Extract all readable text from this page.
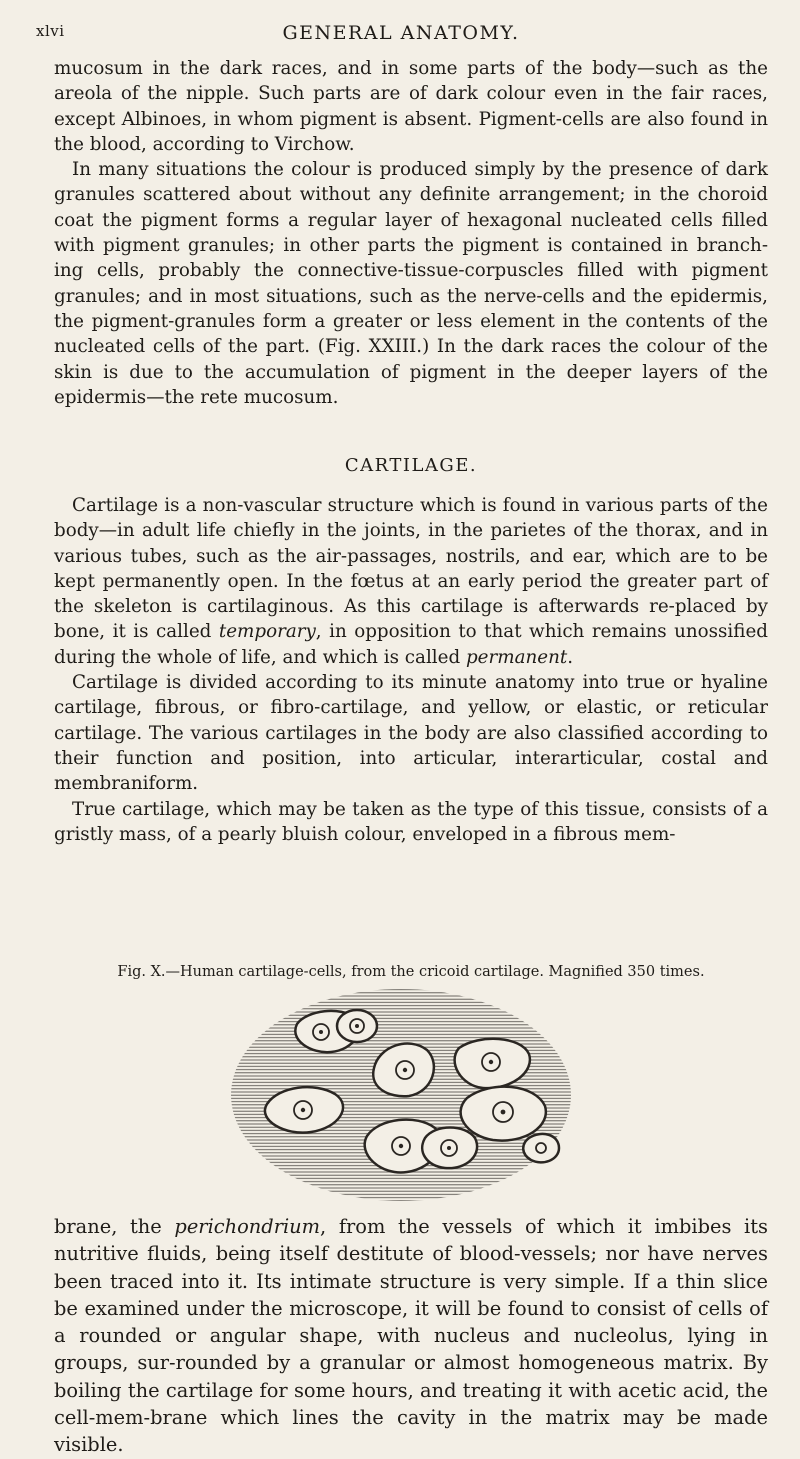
xlvi	GENERAL ANATOMY.

mucosum in the dark races, and in some parts of the body—such as the areola of the nipple. Such parts are of dark colour even in the fair races, except Albinoes, in whom pigment is absent. Pigment-cells are also found in the blood, according to Virchow.

In many situations the colour is produced simply by the presence of dark granules scattered about without any definite arrangement; in the choroid coat the pigment forms a regular layer of hexagonal nucleated cells filled with pigment granules; in other parts the pigment is contained in branch-ing cells, probably the connective-tissue-corpuscles filled with pigment granules; and in most situations, such as the nerve-cells and the epidermis, the pigment-granules form a greater or less element in the contents of the nucleated cells of the part. (Fig. XXIII.) In the dark races the colour of the skin is due to the accumulation of pigment in the deeper layers of the epidermis—the rete mucosum.

CARTILAGE.

Cartilage is a non-vascular structure which is found in various parts of the body—in adult life chiefly in the joints, in the parietes of the thorax, and in various tubes, such as the air-passages, nostrils, and ear, which are to be kept permanently open. In the fœtus at an early period the greater part of the skeleton is cartilaginous. As this cartilage is afterwards re-placed by bone, it is called temporary, in opposition to that which remains unossified during the whole of life, and which is called permanent.

Cartilage is divided according to its minute anatomy into true or hyaline cartilage, fibrous, or fibro-cartilage, and yellow, or elastic, or reticular cartilage. The various cartilages in the body are also classified according to their function and position, into articular, interarticular, costal and membraniform.

True cartilage, which may be taken as the type of this tissue, consists of a gristly mass, of a pearly bluish colour, enveloped in a fibrous mem-

Fig. X.—Human cartilage-cells, from the cricoid cartilage. Magnified 350 times.

brane, the perichondrium, from the vessels of which it imbibes its nutritive fluids, being itself destitute of blood-vessels; nor have nerves been traced into it. Its intimate structure is very simple. If a thin slice be examined under the microscope, it will be found to consist of cells of a rounded or angular shape, with nucleus and nucleolus, lying in groups, sur-rounded by a granular or almost homogeneous matrix. By boiling the cartilage for some hours, and treating it with acetic acid, the cell-mem-brane which lines the cavity in the matrix may be made visible.
